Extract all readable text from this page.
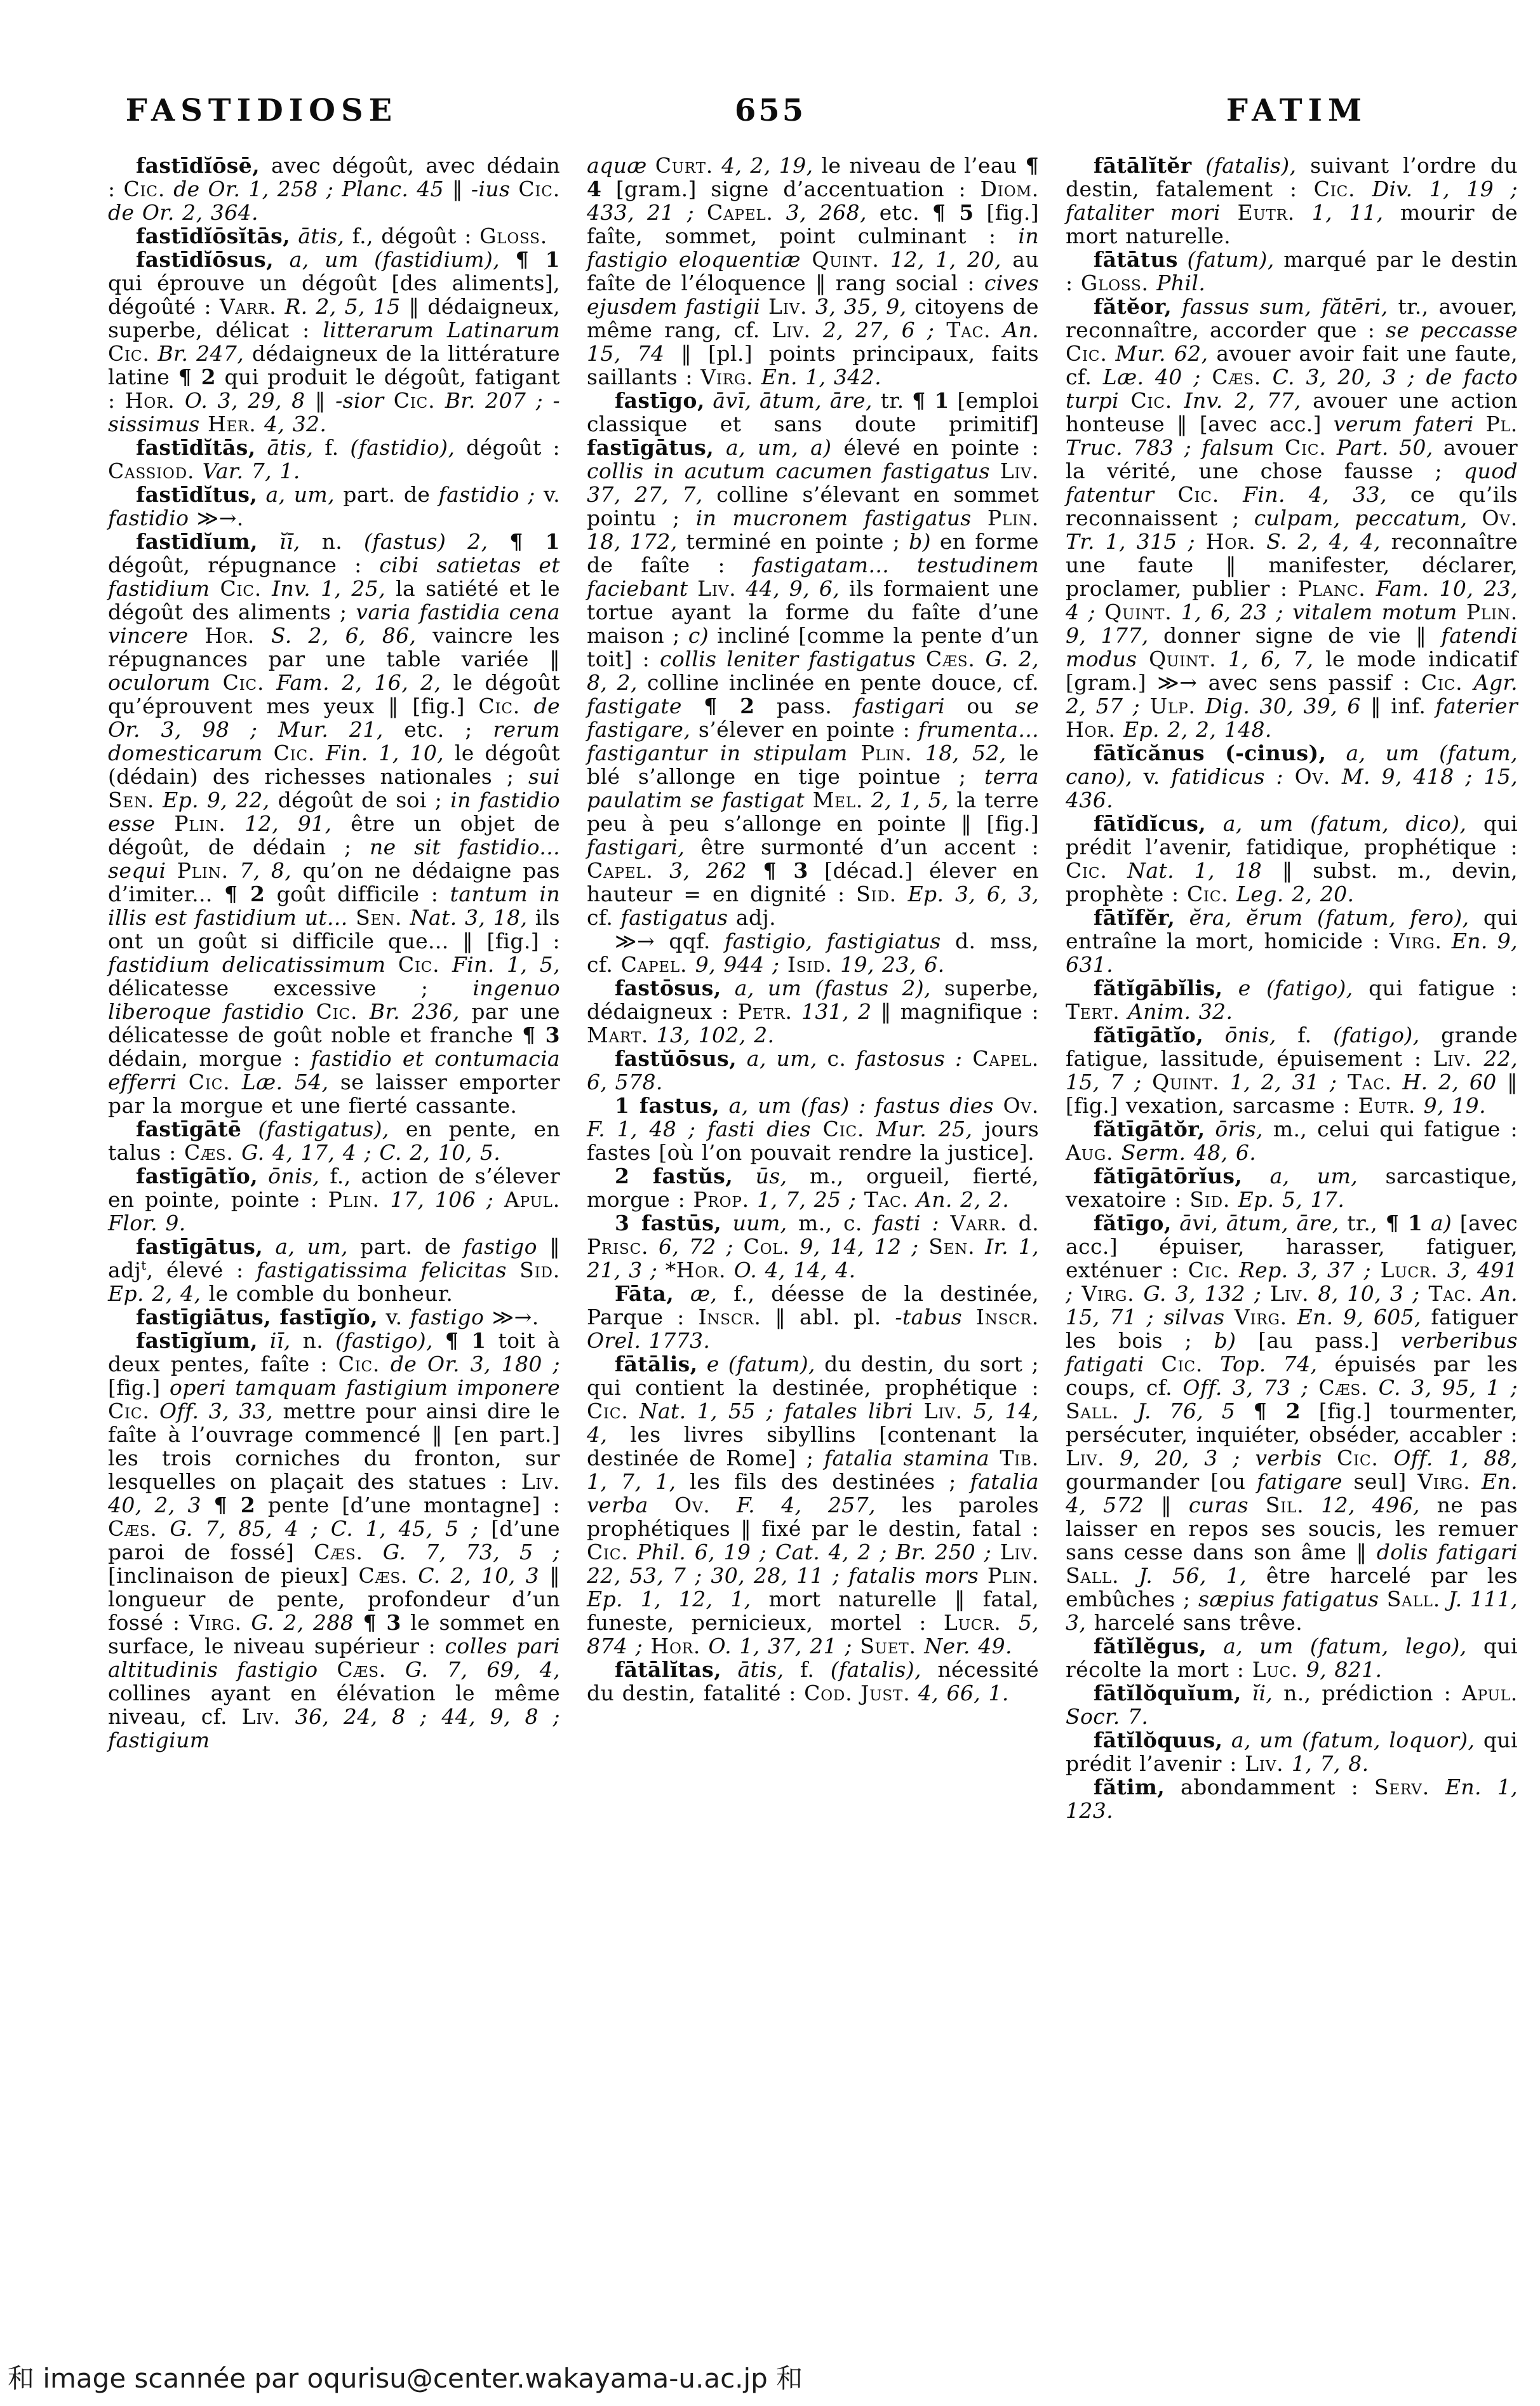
FASTIDIOSE	655	FATIM

fastīdĭōsē, avec dégoût, avec dédain : Cic. de Or. 1, 258 ; Planc. 45 ‖ -ius Cic. de Or. 2, 364.

fastīdĭōsĭtās, ātis, f., dégoût : Gloss.

fastīdĭōsus, a, um (fastidium), ¶ 1 qui éprouve un dégoût [des aliments], dégoûté : Varr. R. 2, 5, 15 ‖ dédaigneux, superbe, délicat : litterarum Latinarum Cic. Br. 247, dédaigneux de la littérature latine ¶ 2 qui produit le dégoût, fatigant : Hor. O. 3, 29, 8 ‖ -sior Cic. Br. 207 ; -sissimus Her. 4, 32.

fastīdĭtās, ātis, f. (fastidio), dégoût : Cassiod. Var. 7, 1.

fastīdĭtus, a, um, part. de fastidio ; v. fastidio ≫→.

fastīdĭum, ĭī, n. (fastus) 2, ¶ 1 dégoût, répugnance : cibi satietas et fastidium Cic. Inv. 1, 25, la satiété et le dégoût des aliments ; varia fastidia cena vincere Hor. S. 2, 6, 86, vaincre les répugnances par une table variée ‖ oculorum Cic. Fam. 2, 16, 2, le dégoût qu’éprouvent mes yeux ‖ [fig.] Cic. de Or. 3, 98 ; Mur. 21, etc. ; rerum domesticarum Cic. Fin. 1, 10, le dégoût (dédain) des richesses nationales ; sui Sen. Ep. 9, 22, dégoût de soi ; in fastidio esse Plin. 12, 91, être un objet de dégoût, de dédain ; ne sit fastidio... sequi Plin. 7, 8, qu’on ne dédaigne pas d’imiter... ¶ 2 goût difficile : tantum in illis est fastidium ut... Sen. Nat. 3, 18, ils ont un goût si difficile que... ‖ [fig.] : fastidium delicatissimum Cic. Fin. 1, 5, délicatesse excessive ; ingenuo liberoque fastidio Cic. Br. 236, par une délicatesse de goût noble et franche ¶ 3 dédain, morgue : fastidio et contumacia efferri Cic. Læ. 54, se laisser emporter par la morgue et une fierté cassante.

fastīgātē (fastigatus), en pente, en talus : Cæs. G. 4, 17, 4 ; C. 2, 10, 5.

fastīgātĭo, ōnis, f., action de s’élever en pointe, pointe : Plin. 17, 106 ; Apul. Flor. 9.

fastīgātus, a, um, part. de fastigo ‖ adj$^t$, élevé : fastigatissima felicitas Sid. Ep. 2, 4, le comble du bonheur.

fastīgiātus, fastīgĭo, v. fastigo ≫→.

fastīgĭum, iī, n. (fastigo), ¶ 1 toit à deux pentes, faîte : Cic. de Or. 3, 180 ; [fig.] operi tamquam fastigium imponere Cic. Off. 3, 33, mettre pour ainsi dire le faîte à l’ouvrage commencé ‖ [en part.] les trois corniches du fronton, sur lesquelles on plaçait des statues : Liv. 40, 2, 3 ¶ 2 pente [d’une montagne] : Cæs. G. 7, 85, 4 ; C. 1, 45, 5 ; [d’une paroi de fossé] Cæs. G. 7, 73, 5 ; [inclinaison de pieux] Cæs. C. 2, 10, 3 ‖ longueur de pente, profondeur d’un fossé : Virg. G. 2, 288 ¶ 3 le sommet en surface, le niveau supérieur : colles pari altitudinis fastigio Cæs. G. 7, 69, 4, collines ayant en élévation le même niveau, cf. Liv. 36, 24, 8 ; 44, 9, 8 ; fastigium

aquæ Curt. 4, 2, 19, le niveau de l’eau ¶ 4 [gram.] signe d’accentuation : Diom. 433, 21 ; Capel. 3, 268, etc. ¶ 5 [fig.] faîte, sommet, point culminant : in fastigio eloquentiæ Quint. 12, 1, 20, au faîte de l’éloquence ‖ rang social : cives ejusdem fastigii Liv. 3, 35, 9, citoyens de même rang, cf. Liv. 2, 27, 6 ; Tac. An. 15, 74 ‖ [pl.] points principaux, faits saillants : Virg. En. 1, 342.

fastīgo, āvī, ātum, āre, tr. ¶ 1 [emploi classique et sans doute primitif] fastīgātus, a, um, a) élevé en pointe : collis in acutum cacumen fastigatus Liv. 37, 27, 7, colline s’élevant en sommet pointu ; in mucronem fastigatus Plin. 18, 172, terminé en pointe ; b) en forme de faîte : fastigatam... testudinem faciebant Liv. 44, 9, 6, ils formaient une tortue ayant la forme du faîte d’une maison ; c) incliné [comme la pente d’un toit] : collis leniter fastigatus Cæs. G. 2, 8, 2, colline inclinée en pente douce, cf. fastigate ¶ 2 pass. fastigari ou se fastigare, s’élever en pointe : frumenta... fastigantur in stipulam Plin. 18, 52, le blé s’allonge en tige pointue ; terra paulatim se fastigat Mel. 2, 1, 5, la terre peu à peu s’allonge en pointe ‖ [fig.] fastigari, être surmonté d’un accent : Capel. 3, 262 ¶ 3 [décad.] élever en hauteur = en dignité : Sid. Ep. 3, 6, 3, cf. fastigatus adj.

≫→ qqf. fastigio, fastigiatus d. mss, cf. Capel. 9, 944 ; Isid. 19, 23, 6.

fastōsus, a, um (fastus 2), superbe, dédaigneux : Petr. 131, 2 ‖ magnifique : Mart. 13, 102, 2.

fastŭōsus, a, um, c. fastosus : Capel. 6, 578.

1 fastus, a, um (fas) : fastus dies Ov. F. 1, 48 ; fasti dies Cic. Mur. 25, jours fastes [où l’on pouvait rendre la justice].

2 fastŭs, ūs, m., orgueil, fierté, morgue : Prop. 1, 7, 25 ; Tac. An. 2, 2.

3 fastūs, uum, m., c. fasti : Varr. d. Prisc. 6, 72 ; Col. 9, 14, 12 ; Sen. Ir. 1, 21, 3 ; *Hor. O. 4, 14, 4.

Fāta, æ, f., déesse de la destinée, Parque : Inscr. ‖ abl. pl. -tabus Inscr. Orel. 1773.

fātālis, e (fatum), du destin, du sort ; qui contient la destinée, prophétique : Cic. Nat. 1, 55 ; fatales libri Liv. 5, 14, 4, les livres sibyllins [contenant la destinée de Rome] ; fatalia stamina Tib. 1, 7, 1, les fils des destinées ; fatalia verba Ov. F. 4, 257, les paroles prophétiques ‖ fixé par le destin, fatal : Cic. Phil. 6, 19 ; Cat. 4, 2 ; Br. 250 ; Liv. 22, 53, 7 ; 30, 28, 11 ; fatalis mors Plin. Ep. 1, 12, 1, mort naturelle ‖ fatal, funeste, pernicieux, mortel : Lucr. 5, 874 ; Hor. O. 1, 37, 21 ; Suet. Ner. 49.

fātālĭtas, ātis, f. (fatalis), nécessité du destin, fatalité : Cod. Just. 4, 66, 1.

fātālĭtĕr (fatalis), suivant l’ordre du destin, fatalement : Cic. Div. 1, 19 ; fataliter mori Eutr. 1, 11, mourir de mort naturelle.

fātātus (fatum), marqué par le destin : Gloss. Phil.

fătĕor, fassus sum, fătēri, tr., avouer, reconnaître, accorder que : se peccasse Cic. Mur. 62, avouer avoir fait une faute, cf. Læ. 40 ; Cæs. C. 3, 20, 3 ; de facto turpi Cic. Inv. 2, 77, avouer une action honteuse ‖ [avec acc.] verum fateri Pl. Truc. 783 ; falsum Cic. Part. 50, avouer la vérité, une chose fausse ; quod fatentur Cic. Fin. 4, 33, ce qu’ils reconnaissent ; culpam, peccatum, Ov. Tr. 1, 315 ; Hor. S. 2, 4, 4, reconnaître une faute ‖ manifester, déclarer, proclamer, publier : Planc. Fam. 10, 23, 4 ; Quint. 1, 6, 23 ; vitalem motum Plin. 9, 177, donner signe de vie ‖ fatendi modus Quint. 1, 6, 7, le mode indicatif [gram.] ≫→ avec sens passif : Cic. Agr. 2, 57 ; Ulp. Dig. 30, 39, 6 ‖ inf. faterier Hor. Ep. 2, 2, 148.

fātĭcănus (-cinus), a, um (fatum, cano), v. fatidicus : Ov. M. 9, 418 ; 15, 436.

fātĭdĭcus, a, um (fatum, dico), qui prédit l’avenir, fatidique, prophétique : Cic. Nat. 1, 18 ‖ subst. m., devin, prophète : Cic. Leg. 2, 20.

fātĭfĕr, ĕra, ĕrum (fatum, fero), qui entraîne la mort, homicide : Virg. En. 9, 631.

fătĭgābĭlis, e (fatigo), qui fatigue : Tert. Anim. 32.

fătīgātĭo, ōnis, f. (fatigo), grande fatigue, lassitude, épuisement : Liv. 22, 15, 7 ; Quint. 1, 2, 31 ; Tac. H. 2, 60 ‖ [fig.] vexation, sarcasme : Eutr. 9, 19.

fătīgātŏr, ōris, m., celui qui fatigue : Aug. Serm. 48, 6.

fătīgātōrĭus, a, um, sarcastique, vexatoire : Sid. Ep. 5, 17.

fătīgo, āvi, ātum, āre, tr., ¶ 1 a) [avec acc.] épuiser, harasser, fatiguer, exténuer : Cic. Rep. 3, 37 ; Lucr. 3, 491 ; Virg. G. 3, 132 ; Liv. 8, 10, 3 ; Tac. An. 15, 71 ; silvas Virg. En. 9, 605, fatiguer les bois ; b) [au pass.] verberibus fatigati Cic. Top. 74, épuisés par les coups, cf. Off. 3, 73 ; Cæs. C. 3, 95, 1 ; Sall. J. 76, 5 ¶ 2 [fig.] tourmenter, persécuter, inquiéter, obséder, accabler : Liv. 9, 20, 3 ; verbis Cic. Off. 1, 88, gourmander [ou fatigare seul] Virg. En. 4, 572 ‖ curas Sil. 12, 496, ne pas laisser en repos ses soucis, les remuer sans cesse dans son âme ‖ dolis fatigari Sall. J. 56, 1, être harcelé par les embûches ; sæpius fatigatus Sall. J. 111, 3, harcelé sans trêve.

fătĭlĕgus, a, um (fatum, lego), qui récolte la mort : Luc. 9, 821.

fātĭlŏquĭum, ĭi, n., prédiction : Apul. Socr. 7.

fātĭlŏquus, a, um (fatum, loquor), qui prédit l’avenir : Liv. 1, 7, 8.

fătim, abondamment : Serv. En. 1, 123.

和 image scannée par oqurisu@center.wakayama-u.ac.jp 和
